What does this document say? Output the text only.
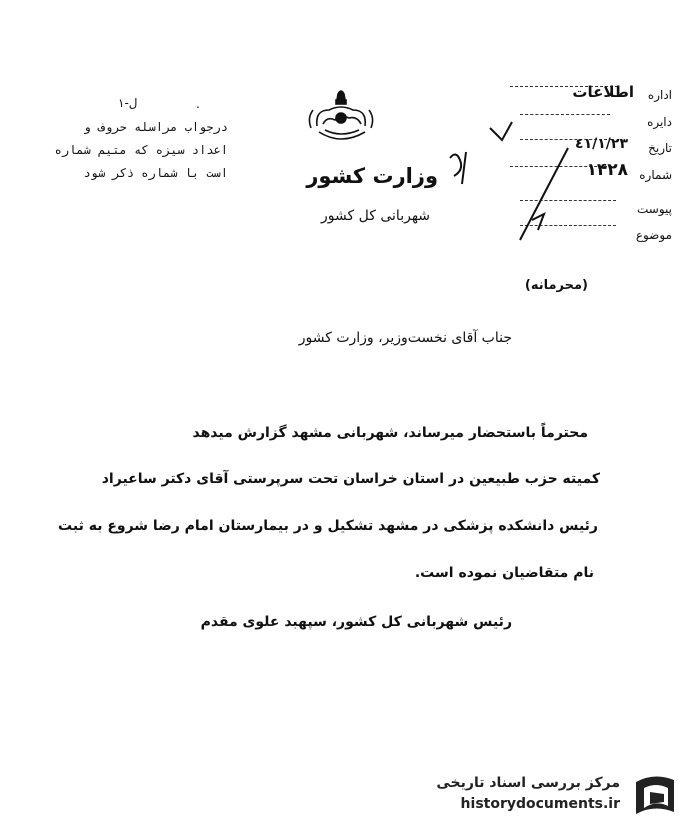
ل-١	.
درجواب مراسله حروف و
اعداد سیزه که متیم شماره
است با شماره ذکر شود	وزارت کشور
شهربانی کل کشور
اداره
دایره
تاریخ
شماره
پیوست
موضوع
اطلاعات
٤١/١/٢٣
۱۴۲۸
(محرمانه)
جناب آقای نخست‌وزیر، وزارت کشور
محترماً باستحضار میرساند، شهربانی مشهد گزارش میدهد
کمیته حزب طبیعین در استان خراسان تحت سرپرستی آقای دکتر ساعیراد
رئیس دانشکده پزشکی در مشهد تشکیل و در بیمارستان امام رضا شروع به ثبت
نام متقاضیان نموده است.
رئیس شهربانی کل کشور، سپهبد علوی مقدم
مرکز بررسی اسناد تاریخی
historydocuments.ir
